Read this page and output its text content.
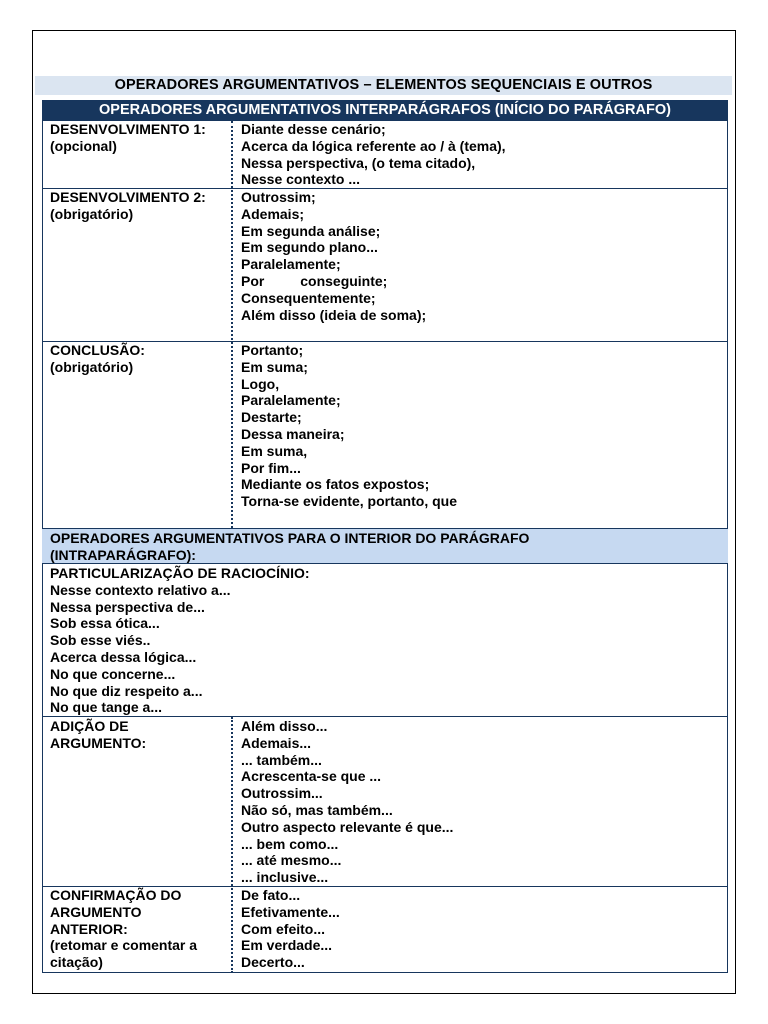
OPERADORES ARGUMENTATIVOS – ELEMENTOS SEQUENCIAIS E OUTROS
OPERADORES ARGUMENTATIVOS INTERPARÁGRAFOS (INÍCIO DO PARÁGRAFO)
DESENVOLVIMENTO 1:
(opcional)
Diante desse cenário;
Acerca da lógica referente ao / à (tema),
Nessa perspectiva, (o tema citado),
Nesse contexto ...
DESENVOLVIMENTO 2:
(obrigatório)
Outrossim;
Ademais;
Em segunda análise;
Em segundo plano...
Paralelamente;
Por conseguinte;
Consequentemente;
Além disso (ideia de soma);
CONCLUSÃO:
(obrigatório)
Portanto;
Em suma;
Logo,
Paralelamente;
Destarte;
Dessa maneira;
Em suma,
Por fim...
Mediante os fatos expostos;
Torna-se evidente, portanto, que
OPERADORES ARGUMENTATIVOS PARA O INTERIOR DO PARÁGRAFO
(INTRAPARÁGRAFO):
PARTICULARIZAÇÃO DE RACIOCÍNIO:
Nesse contexto relativo a...
Nessa perspectiva de...
Sob essa ótica...
Sob esse viés..
Acerca dessa lógica...
No que concerne...
No que diz respeito a...
No que tange a...
ADIÇÃO DE
ARGUMENTO:
Além disso...
Ademais...
... também...
Acrescenta-se que ...
Outrossim...
Não só, mas também...
Outro aspecto relevante é que...
... bem como...
... até mesmo...
... inclusive...
CONFIRMAÇÃO DO
ARGUMENTO
ANTERIOR:
(retomar e comentar a
citação)
De fato...
Efetivamente...
Com efeito...
Em verdade...
Decerto...
